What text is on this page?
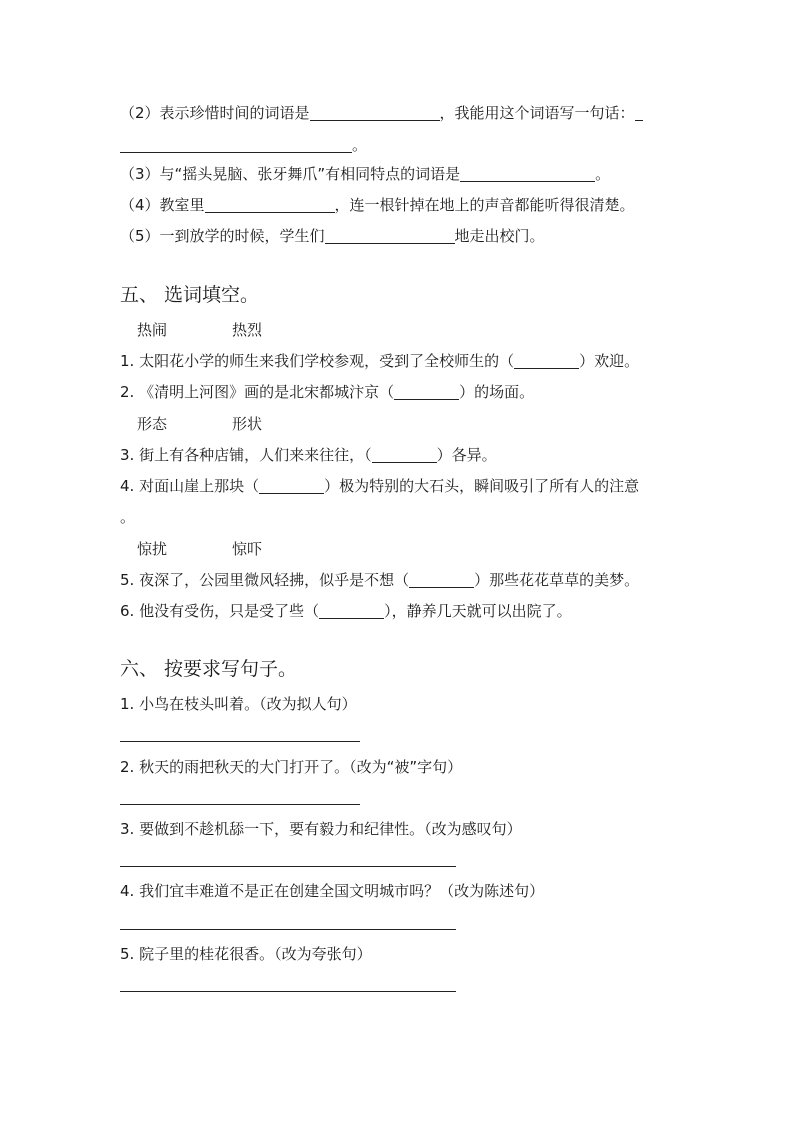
（2）表示珍惜时间的词语是	，我能用这个词语写一句话：
。
（3）与“摇头晃脑、张牙舞爪”有相同特点的词语是	。
（4）教室里	，连一根针掉在地上的声音都能听得很清楚。
（5）一到放学的时候，学生们	地走出校门。
五、 选词填空。
热闹	热烈
1. 太阳花小学的师生来我们学校参观，受到了全校师生的（	）欢迎。
2. 《清明上河图》画的是北宋都城汴京（	）的场面。
形态	形状
3. 街上有各种店铺，人们来来往往，（	）各异。
4. 对面山崖上那块（	）极为特别的大石头，瞬间吸引了所有人的注意
。
惊扰	惊吓
5. 夜深了，公园里微风轻拂，似乎是不想（	）那些花花草草的美梦。
6. 他没有受伤，只是受了些（	），静养几天就可以出院了。
六、 按要求写句子。
1. 小鸟在枝头叫着。（改为拟人句）
2. 秋天的雨把秋天的大门打开了。（改为“被”字句）
3. 要做到不趁机舔一下，要有毅力和纪律性。（改为感叹句）
4. 我们宜丰难道不是正在创建全国文明城市吗？（改为陈述句）
5. 院子里的桂花很香。（改为夸张句）
